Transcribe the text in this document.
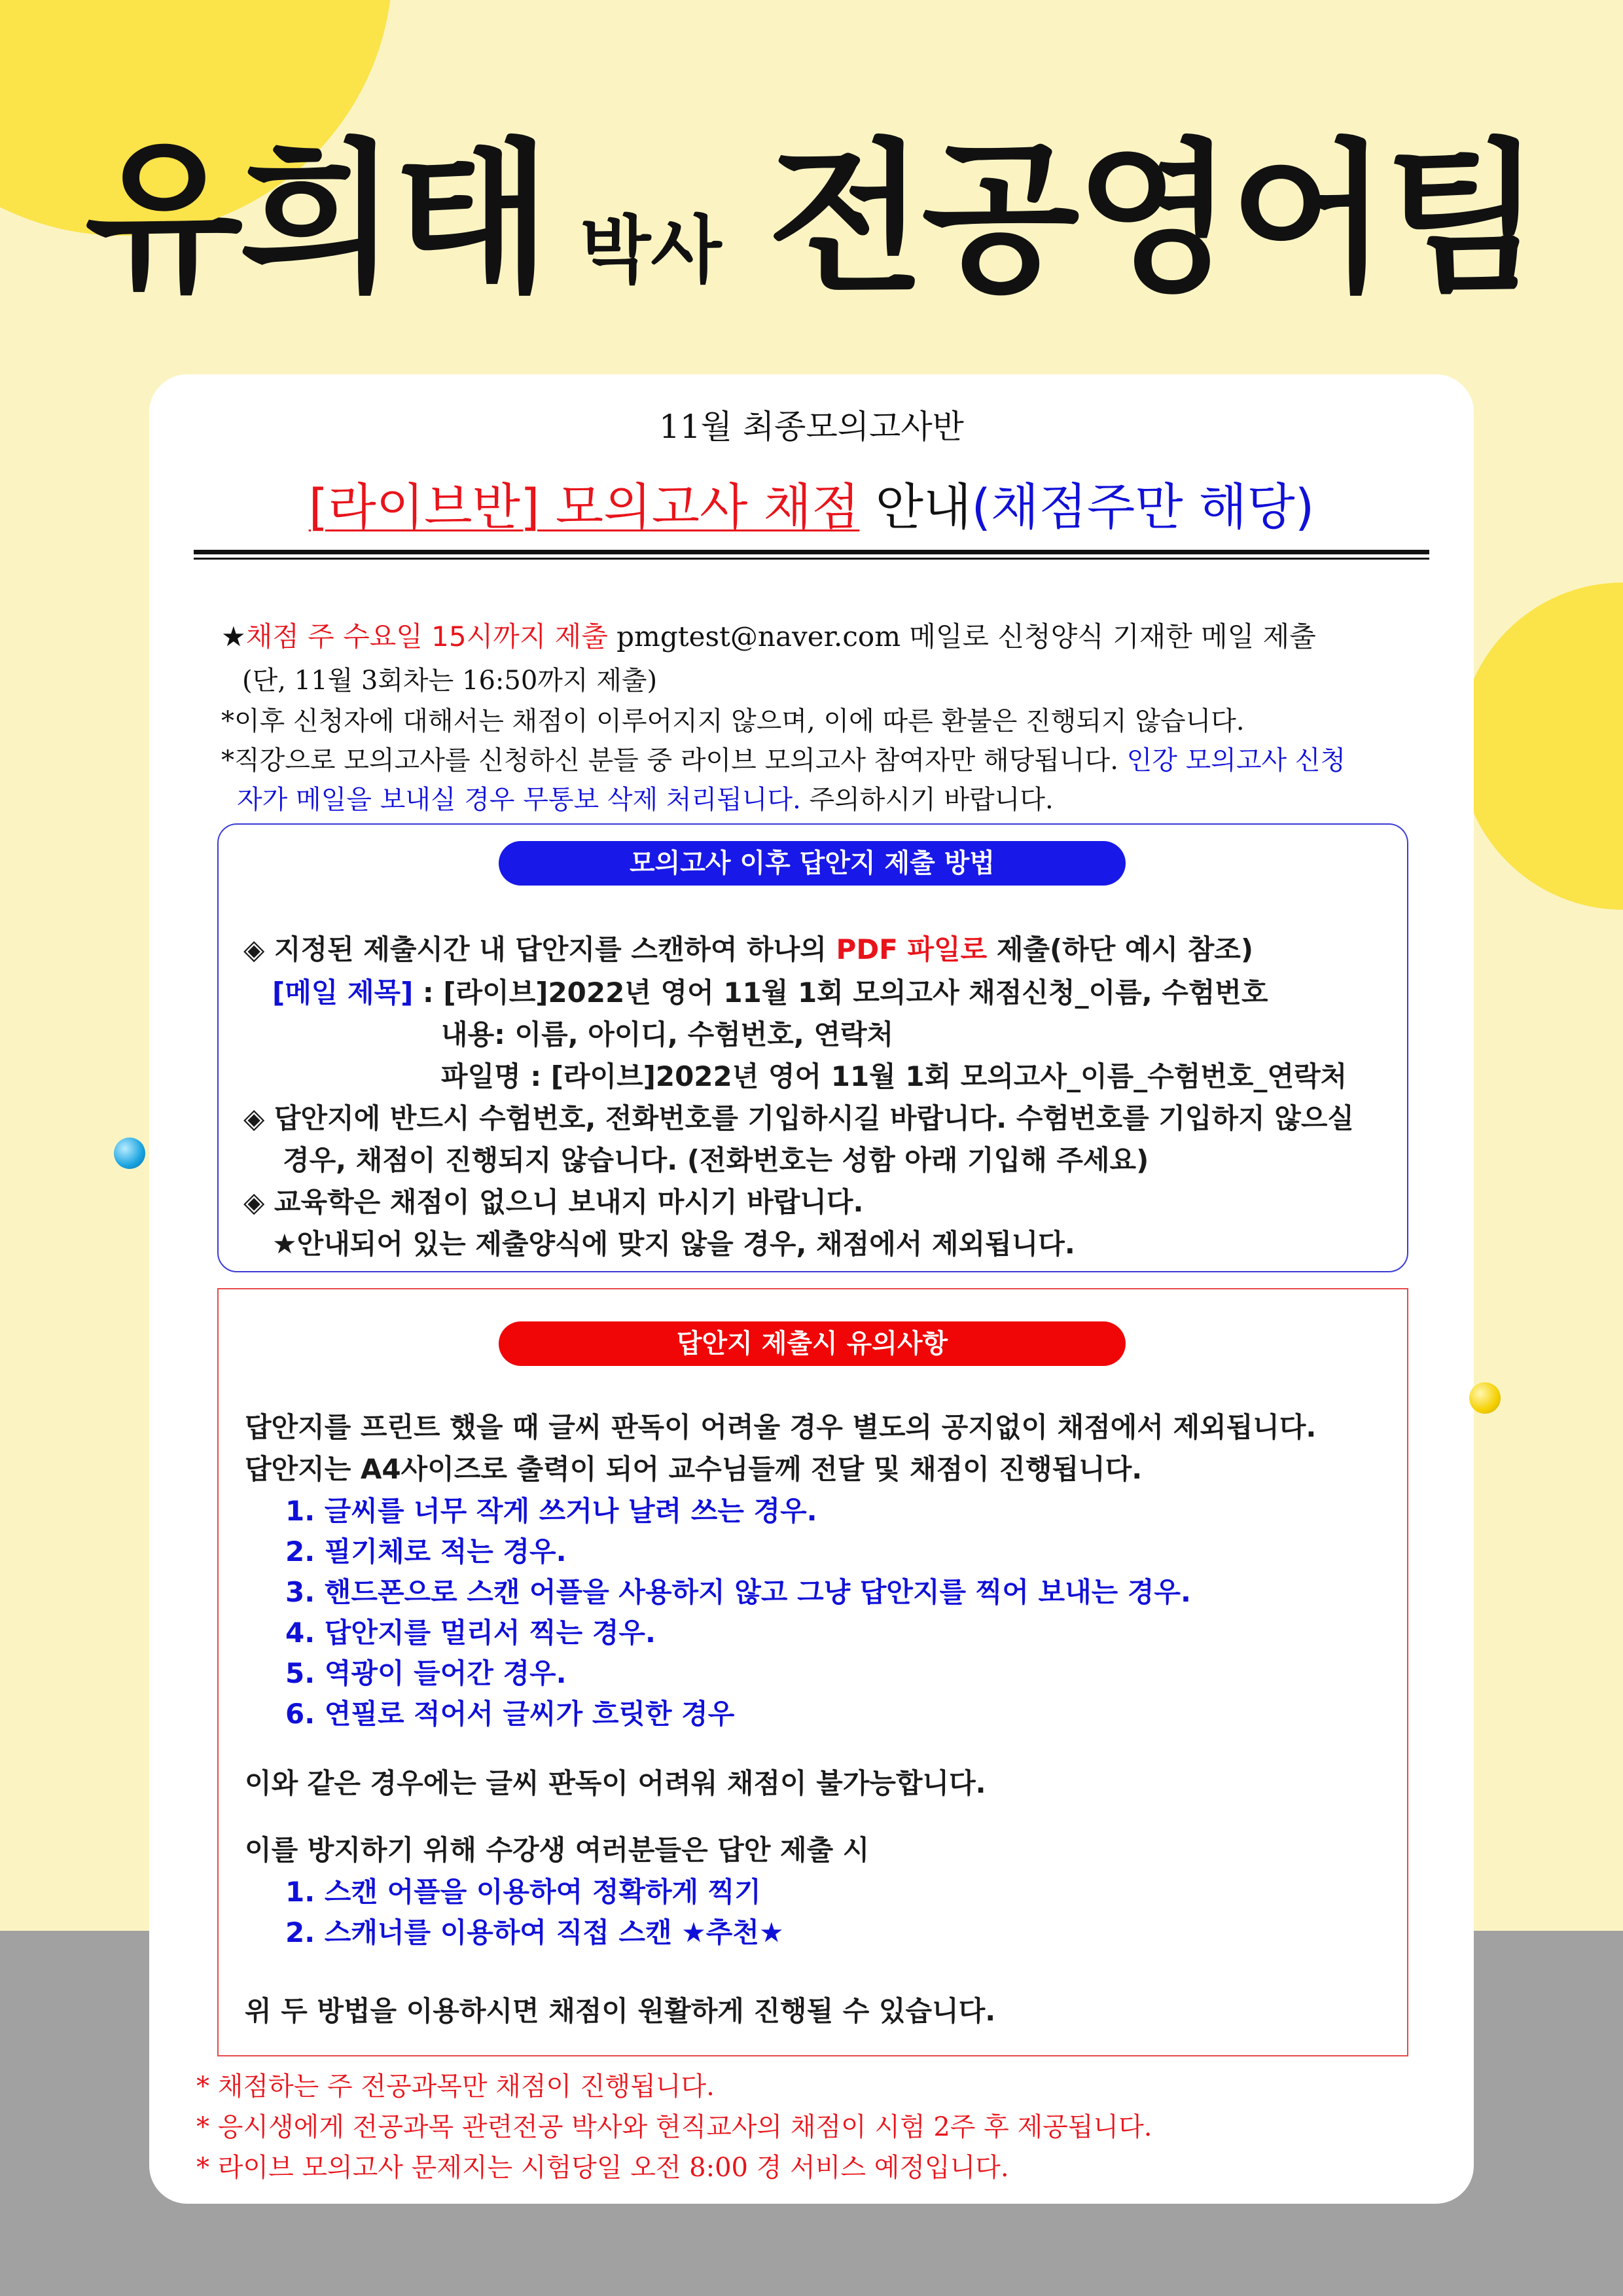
유희태 박사 전공영어팀
11월 최종모의고사반
[라이브반] 모의고사 채점 안내(채점주만 해당)
★채점 주 수요일 15시까지 제출 pmgtest@naver.com 메일로 신청양식 기재한 메일 제출
(단, 11월 3회차는 16:50까지 제출)
*이후 신청자에 대해서는 채점이 이루어지지 않으며, 이에 따른 환불은 진행되지 않습니다.
*직강으로 모의고사를 신청하신 분들 중 라이브 모의고사 참여자만 해당됩니다. 인강 모의고사 신청
자가 메일을 보내실 경우 무통보 삭제 처리됩니다. 주의하시기 바랍니다.
모의고사 이후 답안지 제출 방법
◈ 지정된 제출시간 내 답안지를 스캔하여 하나의 PDF 파일로 제출(하단 예시 참조)
[메일 제목] : [라이브]2022년 영어 11월 1회 모의고사 채점신청_이름, 수험번호
내용: 이름, 아이디, 수험번호, 연락처
파일명 : [라이브]2022년 영어 11월 1회 모의고사_이름_수험번호_연락처
◈ 답안지에 반드시 수험번호, 전화번호를 기입하시길 바랍니다. 수험번호를 기입하지 않으실
경우, 채점이 진행되지 않습니다. (전화번호는 성함 아래 기입해 주세요)
◈ 교육학은 채점이 없으니 보내지 마시기 바랍니다.
★안내되어 있는 제출양식에 맞지 않을 경우, 채점에서 제외됩니다.
답안지 제출시 유의사항
답안지를 프린트 했을 때 글씨 판독이 어려울 경우 별도의 공지없이 채점에서 제외됩니다.
답안지는 A4사이즈로 출력이 되어 교수님들께 전달 및 채점이 진행됩니다.
1. 글씨를 너무 작게 쓰거나 날려 쓰는 경우.
2. 필기체로 적는 경우.
3. 핸드폰으로 스캔 어플을 사용하지 않고 그냥 답안지를 찍어 보내는 경우.
4. 답안지를 멀리서 찍는 경우.
5. 역광이 들어간 경우.
6. 연필로 적어서 글씨가 흐릿한 경우
이와 같은 경우에는 글씨 판독이 어려워 채점이 불가능합니다.
이를 방지하기 위해 수강생 여러분들은 답안 제출 시
1. 스캔 어플을 이용하여 정확하게 찍기
2. 스캐너를 이용하여 직접 스캔 ★추천★
위 두 방법을 이용하시면 채점이 원활하게 진행될 수 있습니다.
* 채점하는 주 전공과목만 채점이 진행됩니다.
* 응시생에게 전공과목 관련전공 박사와 현직교사의 채점이 시험 2주 후 제공됩니다.
* 라이브 모의고사 문제지는 시험당일 오전 8:00 경 서비스 예정입니다.
